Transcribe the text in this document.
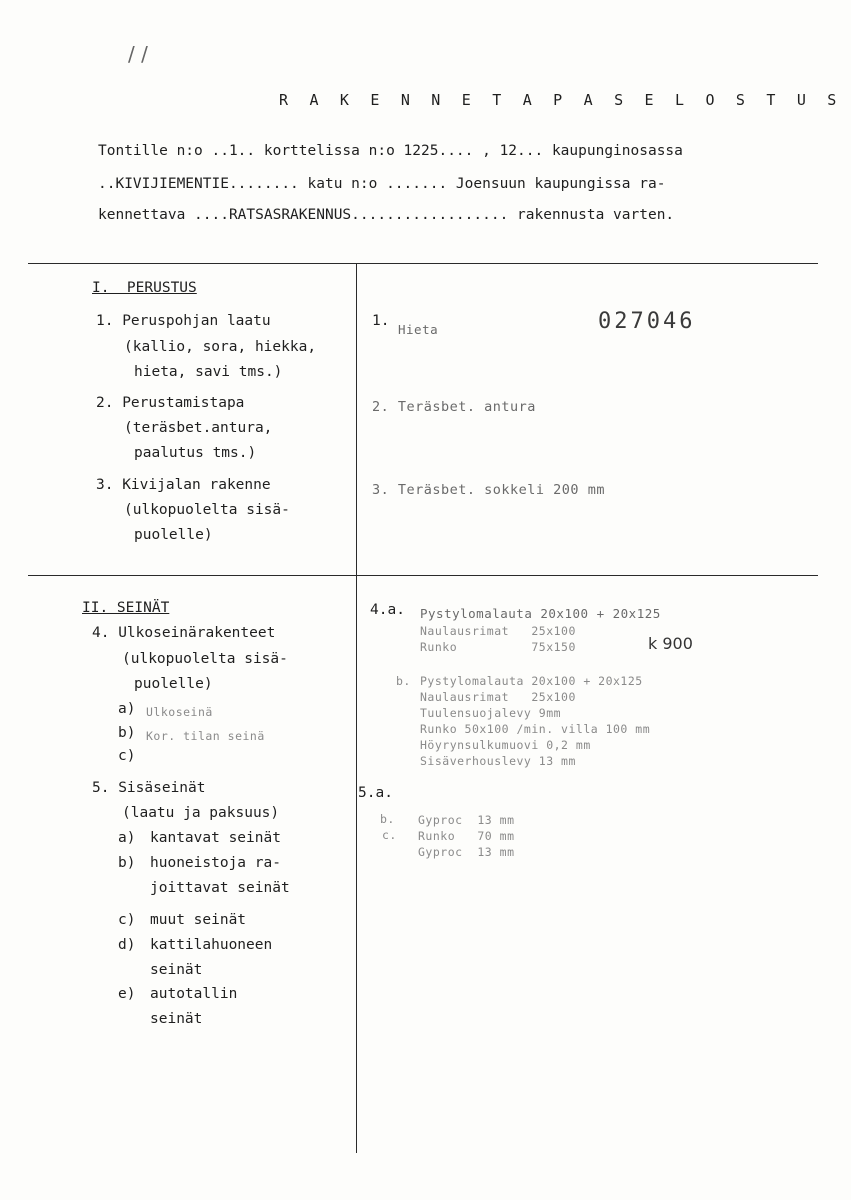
/ /
R A K E N N E T A P A S E L O S T U S
Tontille n:o ..1.. korttelissa n:o 1225.... , 12... kaupunginosassa
..KIVIJIEMENTIE........ katu n:o ....... Joensuun kaupungissa ra-
kennettava ....RATSASRAKENNUS.................. rakennusta varten.
I.  PERUSTUS
1. Peruspohjan laatu
(kallio, sora, hiekka,
hieta, savi tms.)
2. Perustamistapa
(teräsbet.antura,
paalutus tms.)
3. Kivijalan rakenne
(ulkopuolelta sisä-
puolelle)
1.
Hieta	027046
2. Teräsbet. antura
3. Teräsbet. sokkeli 200 mm
II. SEINÄT
4. Ulkoseinärakenteet
(ulkopuolelta sisä-
puolelle)
a) Ulkoseinä
b) Kor. tilan seinä
c)
5. Sisäseinät
(laatu ja paksuus)
a) kantavat seinät
b) huoneistoja ra-
joittavat seinät
c) muut seinät
d) kattilahuoneen
seinät
e) autotallin
seinät
4.a. Pystylomalauta 20x100 + 20x125
Naulausrimat   25x100
Runko          75x150	k 900
b. Pystylomalauta 20x100 + 20x125
Naulausrimat   25x100
Tuulensuojalevy 9mm
Runko 50x100 /min. villa 100 mm
Höyrynsulkumuovi 0,2 mm
Sisäverhouslevy 13 mm
5.a.
b. Gyproc  13 mm
c. Runko   70 mm
Gyproc  13 mm
